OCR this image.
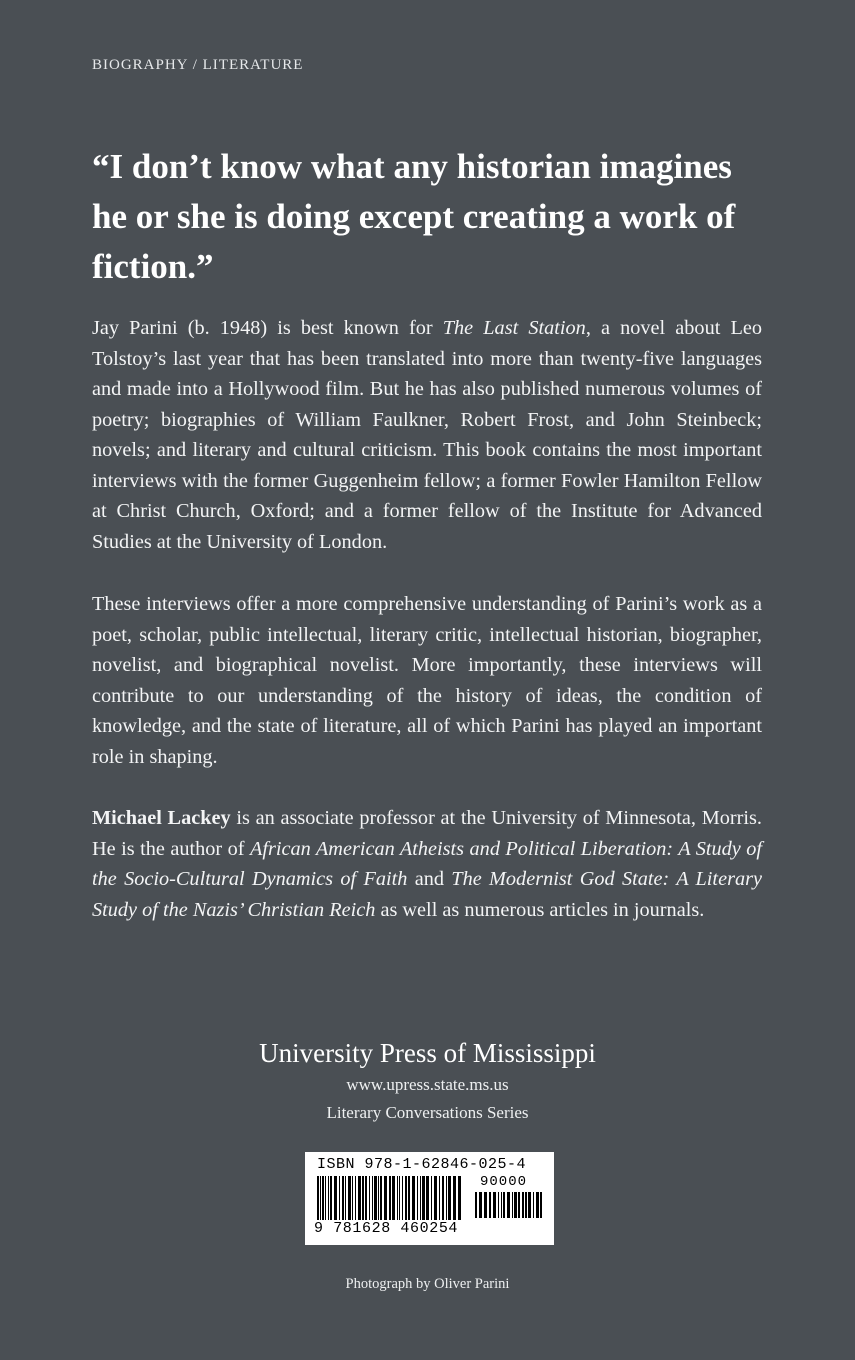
BIOGRAPHY / LITERATURE

“I don’t know what any historian imagines he or she is doing except creating a work of fiction.”

Jay Parini (b. 1948) is best known for The Last Station, a novel about Leo Tolstoy’s last year that has been translated into more than twenty-five languages and made into a Hollywood film. But he has also published numerous volumes of poetry; biographies of William Faulkner, Robert Frost, and John Steinbeck; novels; and literary and cultural criticism. This book contains the most important interviews with the former Guggenheim fellow; a former Fowler Hamilton Fellow at Christ Church, Oxford; and a former fellow of the Institute for Advanced Studies at the University of London.

These interviews offer a more comprehensive understanding of Parini’s work as a poet, scholar, public intellectual, literary critic, intellectual historian, biographer, novelist, and biographical novelist. More importantly, these interviews will contribute to our understanding of the history of ideas, the condition of knowledge, and the state of literature, all of which Parini has played an important role in shaping.

Michael Lackey is an associate professor at the University of Minnesota, Morris. He is the author of African American Atheists and Political Liberation: A Study of the Socio-Cultural Dynamics of Faith and The Modernist God State: A Literary Study of the Nazis’ Christian Reich as well as numerous articles in journals.

University Press of Mississippi
www.upress.state.ms.us
Literary Conversations Series
ISBN 978-1-62846-025-4
90000
9 781628 460254
Photograph by Oliver Parini
